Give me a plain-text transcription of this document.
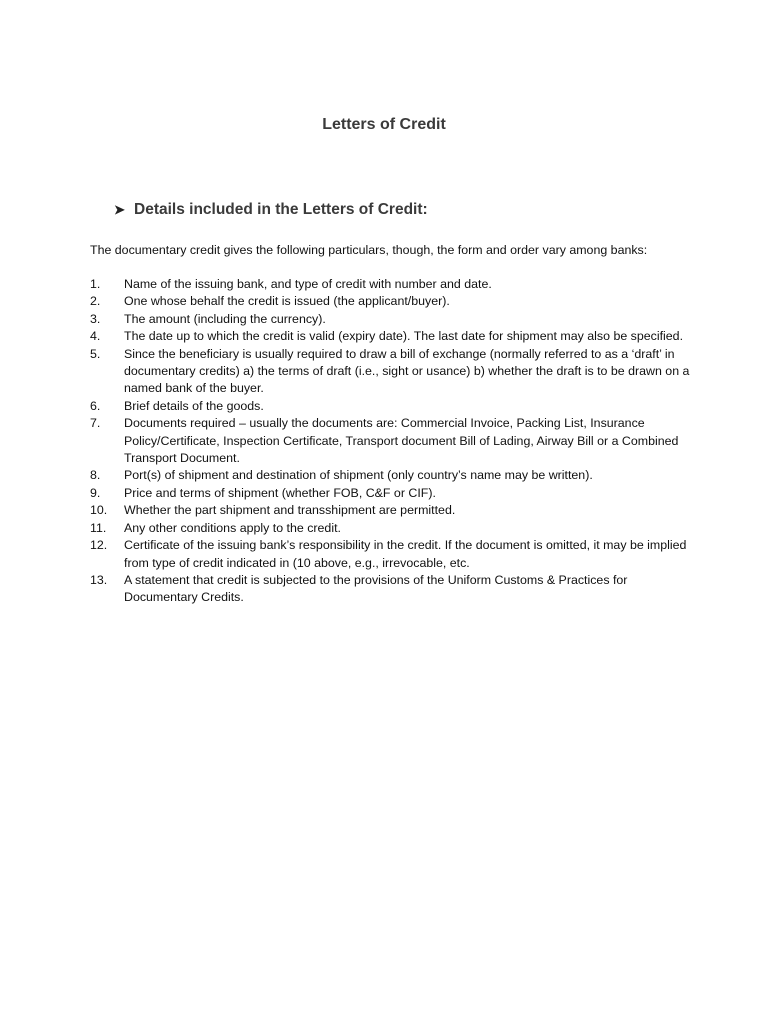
Letters of Credit
➤ Details included in the Letters of Credit:
The documentary credit gives the following particulars, though, the form and order vary among banks:
1.	Name of the issuing bank, and type of credit with number and date.
2.	One whose behalf the credit is issued (the applicant/buyer).
3.	The amount (including the currency).
4.	The date up to which the credit is valid (expiry date). The last date for shipment may also be specified.
5.	Since the beneficiary is usually required to draw a bill of exchange (normally referred to as a ‘draft’ in documentary credits) a) the terms of draft (i.e., sight or usance) b) whether the draft is to be drawn on a named bank of the buyer.
6.	Brief details of the goods.
7.	Documents required – usually the documents are: Commercial Invoice, Packing List, Insurance Policy/Certificate, Inspection Certificate, Transport document Bill of Lading, Airway Bill or a Combined Transport Document.
8.	Port(s) of shipment and destination of shipment (only country’s name may be written).
9.	Price and terms of shipment (whether FOB, C&F or CIF).
10.	Whether the part shipment and transshipment are permitted.
11.	Any other conditions apply to the credit.
12.	Certificate of the issuing bank’s responsibility in the credit. If the document is omitted, it may be implied from type of credit indicated in (10 above, e.g., irrevocable, etc.
13.	A statement that credit is subjected to the provisions of the Uniform Customs & Practices for Documentary Credits.
